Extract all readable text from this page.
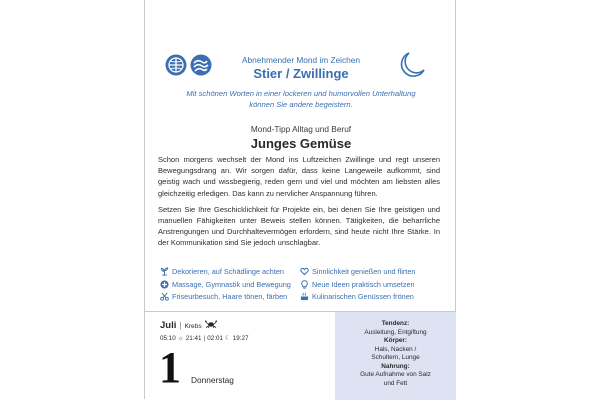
Abnehmender Mond im Zeichen
Stier / Zwillinge
Mit schönen Worten in einer lockeren und humorvollen Unterhaltung
können Sie andere begeistern.
Mond-Tipp Alltag und Beruf
Junges Gemüse

Schon morgens wechselt der Mond ins Luftzeichen Zwillinge und regt unseren Bewegungsdrang an. Wir sorgen dafür, dass keine Langeweile aufkommt, sind geistig wach und wissbegierig, reden gern und viel und möchten am liebsten alles gleichzeitig erledigen. Das kann zu nervlicher Anspannung führen.

Setzen Sie Ihre Geschicklichkeit für Projekte ein, bei denen Sie Ihre geistigen und manuellen Fähigkeiten unter Beweis stellen können. Tätigkeiten, die beharrliche Anstrengungen und Durchhaltevermögen erfordern, sind heute nicht Ihre Stärke. In der Kommunikation sind Sie jedoch unschlagbar.

Dekorieren, auf Schädlinge achten	Sinnlichkeit genießen und flirten
Massage, Gymnastik und Bewegung	Neue Ideen praktisch umsetzen
Friseurbesuch, Haare tönen, färben	Kulinarischen Genüssen frönen
Juli | Krebs
05:10 ☼ 21:41 | 02:01 ☾ 19:27
1 Donnerstag
Tendenz:
Ausleitung, Entgiftung
Körper:
Hals, Nacken /
Schultern, Lunge
Nahrung:
Gute Aufnahme von Salz
und Fett
